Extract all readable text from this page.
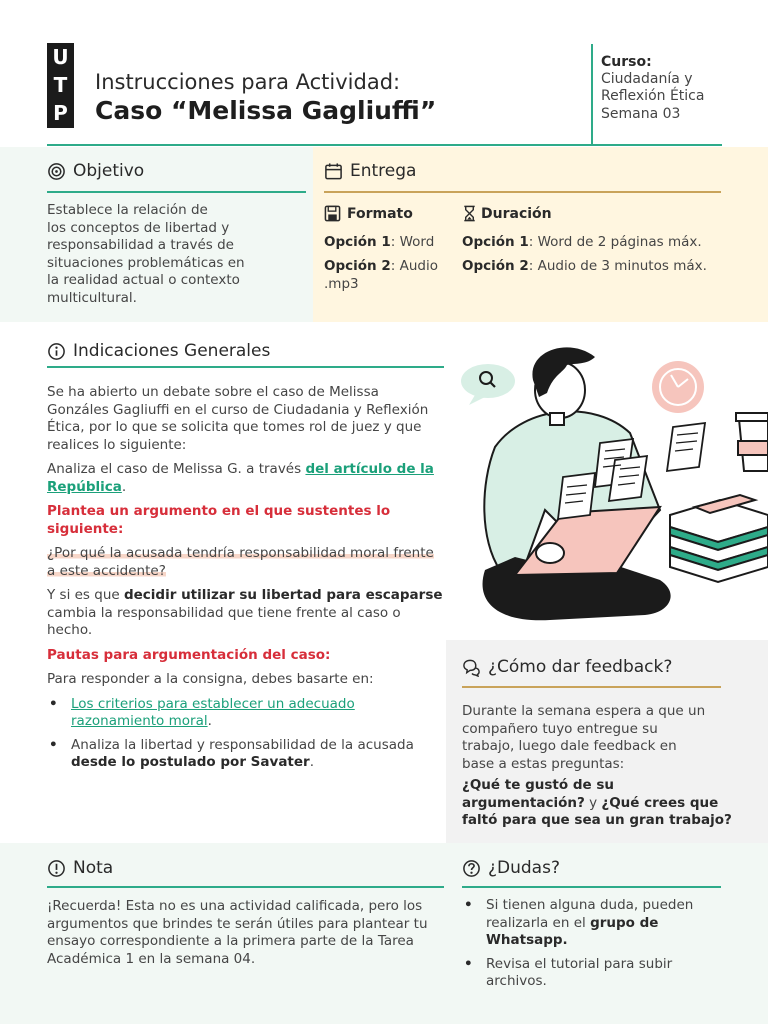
U
T
P
Instrucciones para Actividad:
Caso “Melissa Gagliuffi”
Curso:
Ciudadanía y
Reflexión Ética
Semana 03
Objetivo
Establece la relación de
los conceptos de libertad y
responsabilidad a través de
situaciones problemáticas en
la realidad actual o contexto
multicultural.
Entrega
Formato
Opción 1: Word
Opción 2: Audio
.mp3
Duración
Opción 1: Word de 2 páginas máx.
Opción 2: Audio de 3 minutos máx.
Indicaciones Generales
Se ha abierto un debate sobre el caso de Melissa
Gonzáles Gagliuffi en el curso de Ciudadania y Reflexión
Ética, por lo que se solicita que tomes rol de juez y que
realices lo siguiente:
Analiza el caso de Melissa G. a través del artículo de la
República.
Plantea un argumento en el que sustentes lo
siguiente:
¿Por qué la acusada tendría responsabilidad moral frente
a este accidente?
Y si es que decidir utilizar su libertad para escaparse
cambia la responsabilidad que tiene frente al caso o
hecho.
Pautas para argumentación del caso:
Para responder a la consigna, debes basarte en:
• Los criterios para establecer un adecuado
razonamiento moral.
• Analiza la libertad y responsabilidad de la acusada
desde lo postulado por Savater.
¿Cómo dar feedback?
Durante la semana espera a que un
compañero tuyo entregue su
trabajo, luego dale feedback en
base a estas preguntas:
¿Qué te gustó de su
argumentación? y ¿Qué crees que
faltó para que sea un gran trabajo?
Nota
¡Recuerda! Esta no es una actividad calificada, pero los
argumentos que brindes te serán útiles para plantear tu
ensayo correspondiente a la primera parte de la Tarea
Académica 1 en la semana 04.
¿Dudas?
• Si tienen alguna duda, pueden
realizarla en el grupo de
Whatsapp.
• Revisa el tutorial para subir
archivos.
